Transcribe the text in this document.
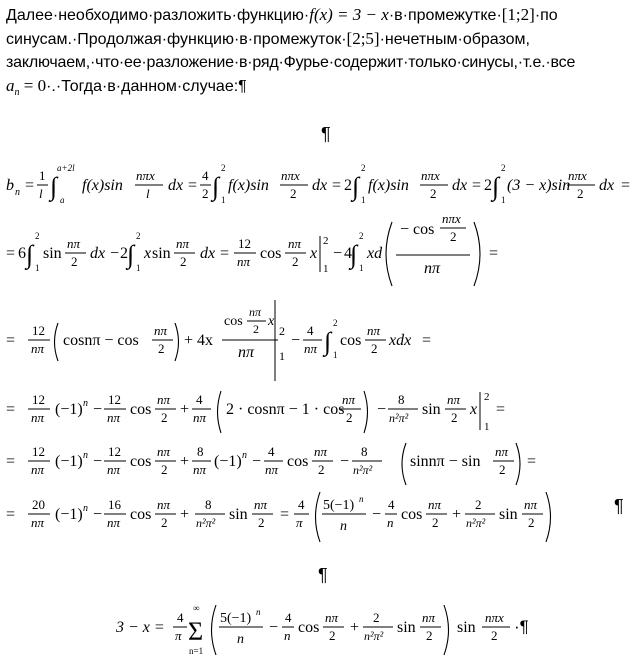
Далее·необходимо·разложить·функцию·f(x) = 3 − x·в·промежутке·[1;2]·по
синусам.·Продолжая·функцию·в·промежуток·[2;5]·нечетным·образом,
заключаем,·что·ее·разложение·в·ряд·Фурье·содержит·только·синусы,·т.е.·все
$a_n$ = 0·.·Тогда·в·данном·случае:¶
¶
¶
¶
b n =
1
l ∫
a+2l
a
f(x)sin
nπx
l dx =
4
2 ∫
2
1
f(x)sin
nπx
2 dx = 2 ∫
2
1
f(x)sin
nπx
2 dx = 2 ∫
2
1
(3 − x)sin
nπx
2 dx =
= 6 ∫
2
1
sin
nπ
2 dx − 2 ∫
2
1
x sin
nπ
2 dx =
12
nπ cos
nπ
2 x
2
1
− 4
∫
2
1
xd
− cos
nπx
2
nπ
=
=
12
nπ cosnπ − cos
nπ
2 + 4x
cos
nπ
2 x
nπ
2
1
−
4
nπ ∫
2
1
cos
nπ
2 xdx =
=
12
nπ (−1) n −
12
nπ cos
nπ
2 +
4
nπ 2 · cosnπ − 1 · cos
nπ
2 −
8
n²π² sin
nπ
2 x
2
1
=
=
12
nπ (−1) n −
12
nπ cos
nπ
2 +
8
nπ (−1) n −
4
nπ cos
nπ
2 −
8
n²π² sinnπ − sin
nπ
2 =
=
20
nπ (−1) n −
16
nπ cos
nπ
2 +
8
n²π² sin
nπ
2 =
4
π
5(−1) n
n
−
4
n cos
nπ
2 +
2
n²π² sin
nπ
2
3 − x =
4
π
∞
Σ
n=1
5(−1) n
n
−
4
n cos
nπ
2 +
2
n²π² sin
nπ
2 sin
nπx
2 ·¶
